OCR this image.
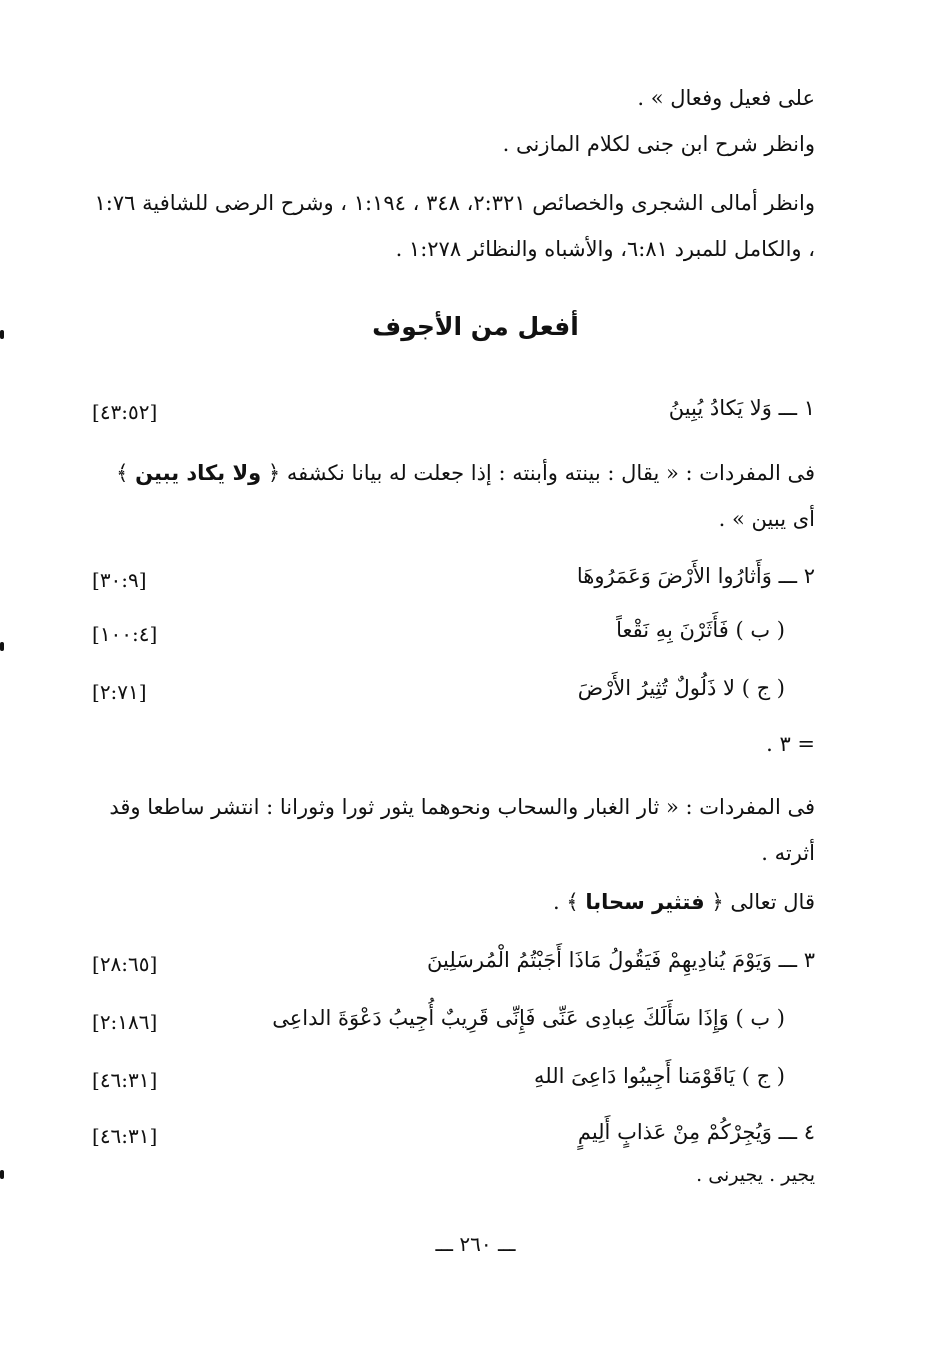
على فعيل وفعال » .
وانظر شرح ابن جنى لكلام المازنى .
وانظر أمالى الشجرى والخصائص ٢:٣٢١، ٣٤٨ ، ١:١٩٤ ، وشرح الرضى للشافية ١:٧٦ ، والكامل للمبرد ٦:٨١، والأشباه والنظائر ١:٢٧٨ .
أفعل من الأجوف
١ ـــ وَلا يَكادُ يُبِينُ
[٤٣:٥٢]
فى المفردات : « يقال : بينته وأبنته : إذا جعلت له بيانا نكشفه ﴿ ولا يكاد يبين ﴾ أى يبين » .
٢ ـــ وَأَثارُوا الأَرْضَ وَعَمَرُوهَا
[٣٠:٩]
( ب ) فَأَثَرْنَ بِهِ نَقْعاً
[١٠٠:٤]
( ج ) لا ذَلُولٌ تُثِيرُ الأَرْضَ
[٢:٧١]
= ٣ .
فى المفردات : « ثار الغبار والسحاب ونحوهما يثور ثورا وثورانا : انتشر ساطعا وقد أثرته .
قال تعالى ﴿ فتثير سحابا ﴾ .
٣ ـــ وَيَوْمَ يُنادِيهِمْ فَيَقُولُ مَاذَا أَجَبْتُمُ الْمُرسَلِينَ
[٢٨:٦٥]
( ب ) وَإِذَا سَأَلَكَ عِبادِى عَنِّى فَإِنِّى قَرِيبٌ أُجِيبُ دَعْوَةَ الداعِى
[٢:١٨٦]
( ج ) يَاقَوْمَنا أَجِيبُوا دَاعِىَ اللهِ
[٤٦:٣١]
٤ ـــ وَيُجِرْكُمْ مِنْ عَذابٍ أَلِيمٍ
[٤٦:٣١]
يجير . يجيرنى .
ـــ ٢٦٠ ـــ
